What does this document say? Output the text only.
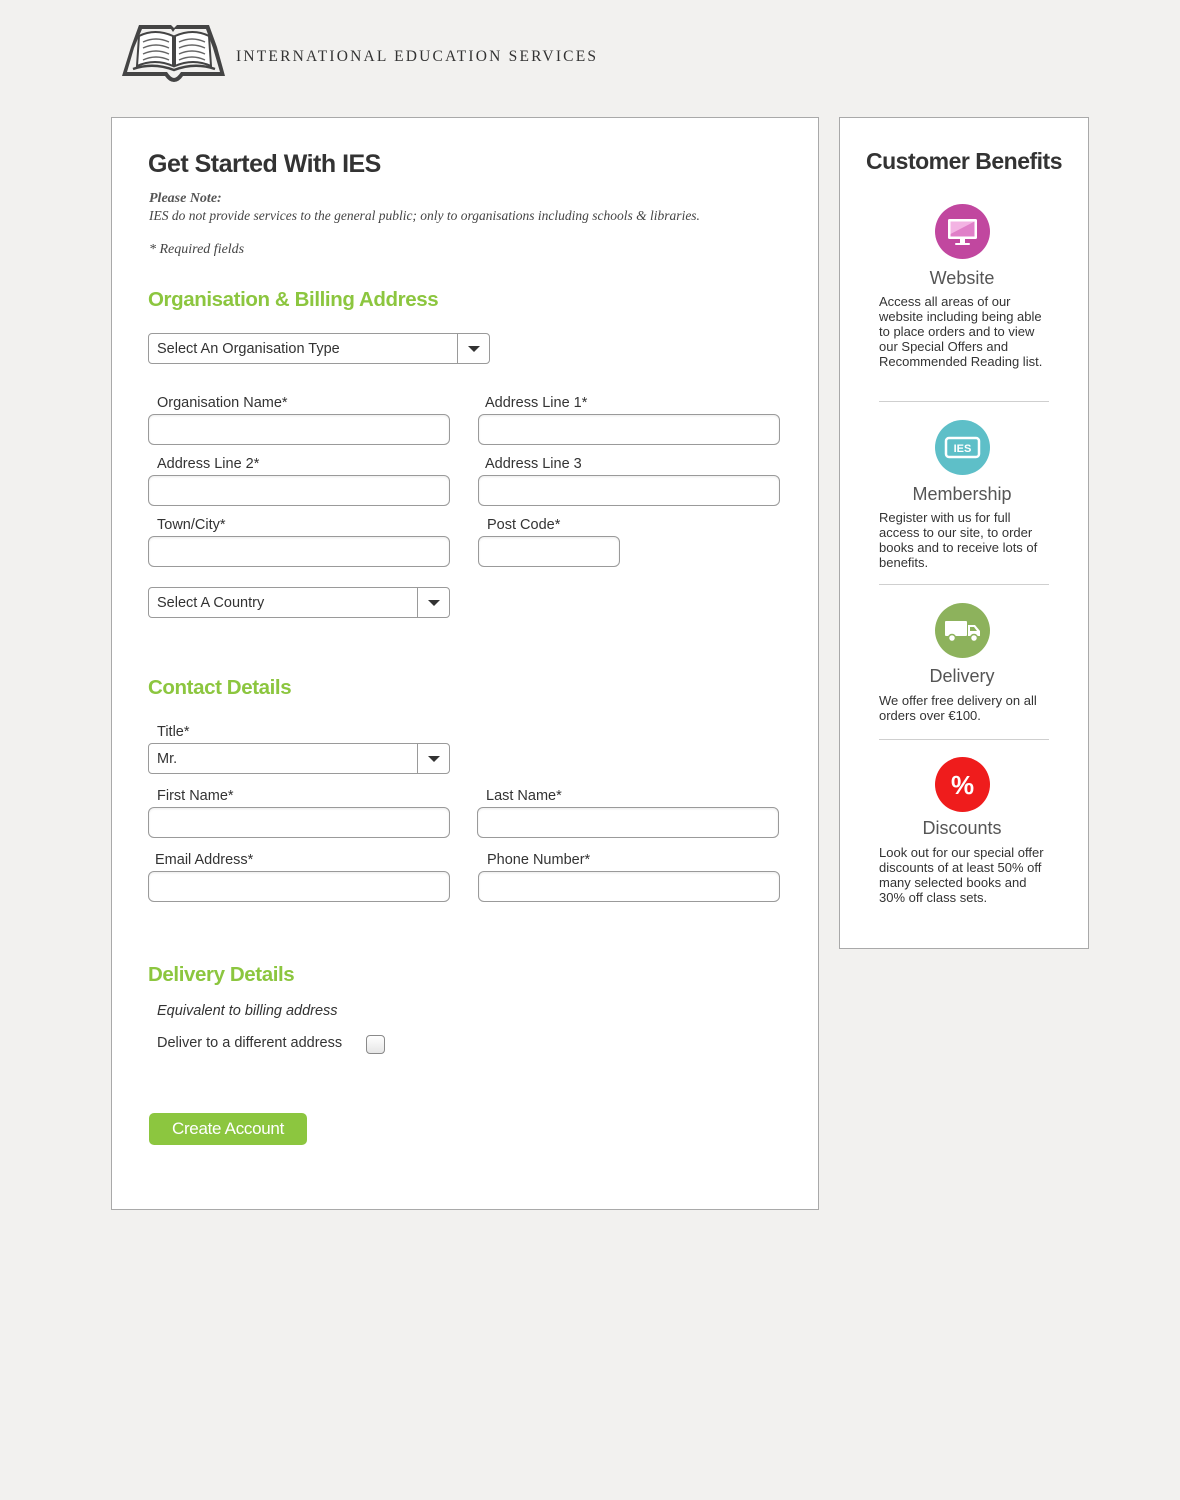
INTERNATIONAL EDUCATION SERVICES
Get Started With IES
Please Note:
IES do not provide services to the general public; only to organisations including schools & libraries.
* Required fields
Organisation & Billing Address
Select An Organisation Type
Organisation Name*	Address Line 1*
Address Line 2*	Address Line 3
Town/City*	Post Code*
Select A Country
Contact Details
Title*
Mr.
First Name*	Last Name*
Email Address*	Phone Number*
Delivery Details
Equivalent to billing address
Deliver to a different address
Create Account
Customer Benefits
Website

Access all areas of our website including being able to place orders and to view our Special Offers and Recommended Reading list.

IES
Membership

Register with us for full access to our site, to order books and to receive lots of benefits.

Delivery

We offer free delivery on all orders over €100.

%
Discounts

Look out for our special offer discounts of at least 50% off many selected books and 30% off class sets.
